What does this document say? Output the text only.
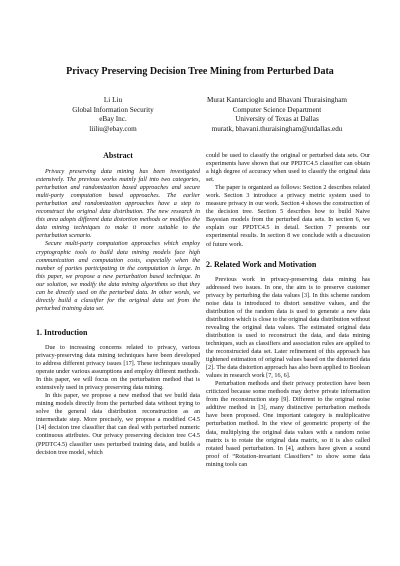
Privacy Preserving Decision Tree Mining from Perturbed Data
Li Liu
Global Information Security
eBay Inc.
liiliu@ebay.com
Murat Kantarcioglu and Bhavani Thuraisingham
Computer Science Department
University of Texas at Dallas
muratk, bhavani.thuraisingham@utdallas.edu
Abstract

Privacy preserving data mining has been investigated extensively. The previous works mainly fall into two categories, perturbation and randomization based approaches and secure multi-party computation based approaches. The earlier perturbation and randomization approaches have a step to reconstruct the original data distribution. The new research in this area adopts different data distortion methods or modifies the data mining techniques to make it more suitable to the perturbation scenario.

Secure multi-party computation approaches which employ cryptographic tools to build data mining models face high communication and computation costs, especially when the number of parties participating in the computation is large. In this paper, we propose a new perturbation based technique. In our solution, we modify the data mining algorithms so that they can be directly used on the perturbed data. In other words, we directly build a classifier for the original data set from the perturbed training data set.

1. Introduction

Due to increasing concerns related to privacy, various privacy-preserving data mining techniques have been developed to address different privacy issues [17]. These techniques usually operate under various assumptions and employ different methods. In this paper, we will focus on the perturbation method that is extensively used in privacy preserving data mining.

In this paper, we propose a new method that we build data mining models directly from the perturbed data without trying to solve the general data distribution reconstruction as an intermediate step. More precisely, we propose a modified C4.5 [14] decision tree classifier that can deal with perturbed numeric continuous attributes. Our privacy preserving decision tree C4.5 (PPDTC4.5) classifier uses perturbed training data, and builds a decision tree model, which

could be used to classify the original or perturbed data sets. Our experiments have shown that our PPDTC4.5 classifier can obtain a high degree of accuracy when used to classify the original data set.

The paper is organized as follows: Section 2 describes related work. Section 3 introduce a privacy metric system used to measure privacy in our work. Section 4 shows the construction of the decision tree. Section 5 describes how to build Naive Bayesian models from the perturbed data sets. In section 6, we explain our PPDTC4.5 in detail. Section 7 presents our experimental results. In section 8 we conclude with a discussion of future work.

2. Related Work and Motivation

Previous work in privacy-preserving data mining has addressed two issues. In one, the aim is to preserve customer privacy by perturbing the data values [3]. In this scheme random noise data is introduced to distort sensitive values, and the distribution of the random data is used to generate a new data distribution which is close to the original data distribution without revealing the original data values. The estimated original data distribution is used to reconstruct the data, and data mining techniques, such as classifiers and association rules are applied to the reconstructed data set. Later refinement of this approach has tightened estimation of original values based on the distorted data [2]. The data distortion approach has also been applied to Boolean values in research work [7, 16, 6].

Perturbation methods and their privacy protection have been criticized because some methods may derive private information from the reconstruction step [9]. Different to the original noise additive method in [3], many distinctive perturbation methods have been proposed. One important category is multiplicative perturbation method. In the view of geometric property of the data, multiplying the original data values with a random noise matrix is to rotate the original data matrix, so it is also called rotated based perturbation. In [4], authors have given a sound proof of “Rotation-invariant Classifiers” to show some data mining tools can
